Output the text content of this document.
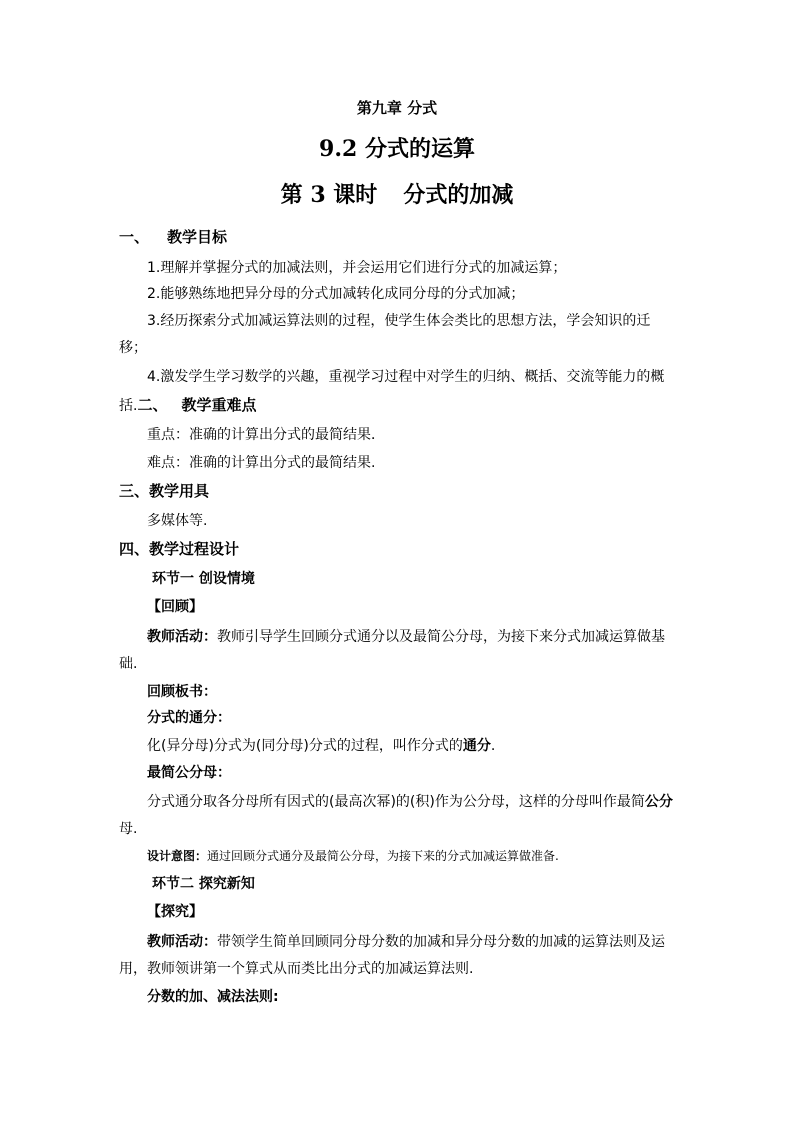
第九章 分式
9.2 分式的运算
第 3 课时 分式的加减
一、 教学目标
1.理解并掌握分式的加减法则，并会运用它们进行分式的加减运算；
2.能够熟练地把异分母的分式加减转化成同分母的分式加减；
3.经历探索分式加减运算法则的过程，使学生体会类比的思想方法，学会知识的迁
移；
4.激发学生学习数学的兴趣，重视学习过程中对学生的归纳、概括、交流等能力的概
括.二、 教学重难点
重点：准确的计算出分式的最简结果．
难点：准确的计算出分式的最简结果.
三、教学用具
多媒体等.
四、教学过程设计
环节一 创设情境
【回顾】
教师活动：教师引导学生回顾分式通分以及最简公分母，为接下来分式加减运算做基
础.
回顾板书：
分式的通分：
化(异分母)分式为(同分母)分式的过程，叫作分式的通分.
最简公分母：
分式通分取各分母所有因式的(最高次幂)的(积)作为公分母，这样的分母叫作最简公分
母.
设计意图：通过回顾分式通分及最简公分母，为接下来的分式加减运算做准备.
环节二 探究新知
【探究】
教师活动：带领学生简单回顾同分母分数的加减和异分母分数的加减的运算法则及运
用，教师领讲第一个算式从而类比出分式的加减运算法则.
分数的加、减法法则:
